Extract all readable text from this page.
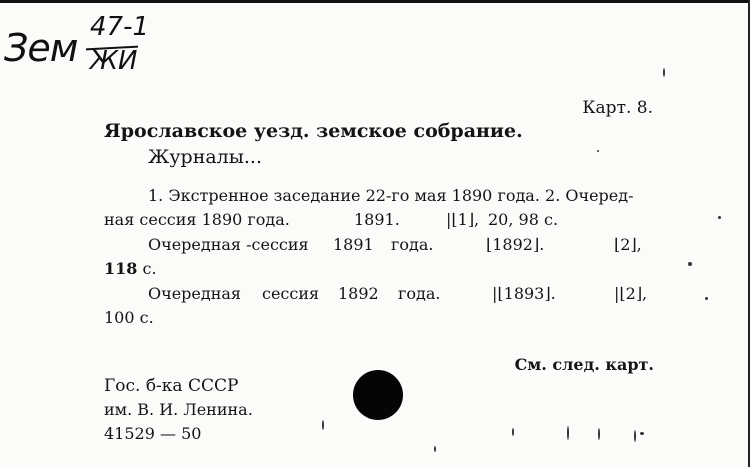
Зем 47-1
ЖИ
Карт. 8.
Ярославское уезд. земское собрание.
Журналы...
1. Экстренное заседание 22-го мая 1890 года. 2. Очеред-
ная сессия 1890 года.	1891.	|⌊1⌋, 20, 98 с.
Очередная -сессия 1891 года.	⌊1892⌋.	⌊2⌋,
118 с.
Очередная сессия 1892 года.	|⌊1893⌋.	|⌊2⌋,
100 с.
См. след. карт.
Гос. б-ка СССР
им. В. И. Ленина.
41529 — 50
